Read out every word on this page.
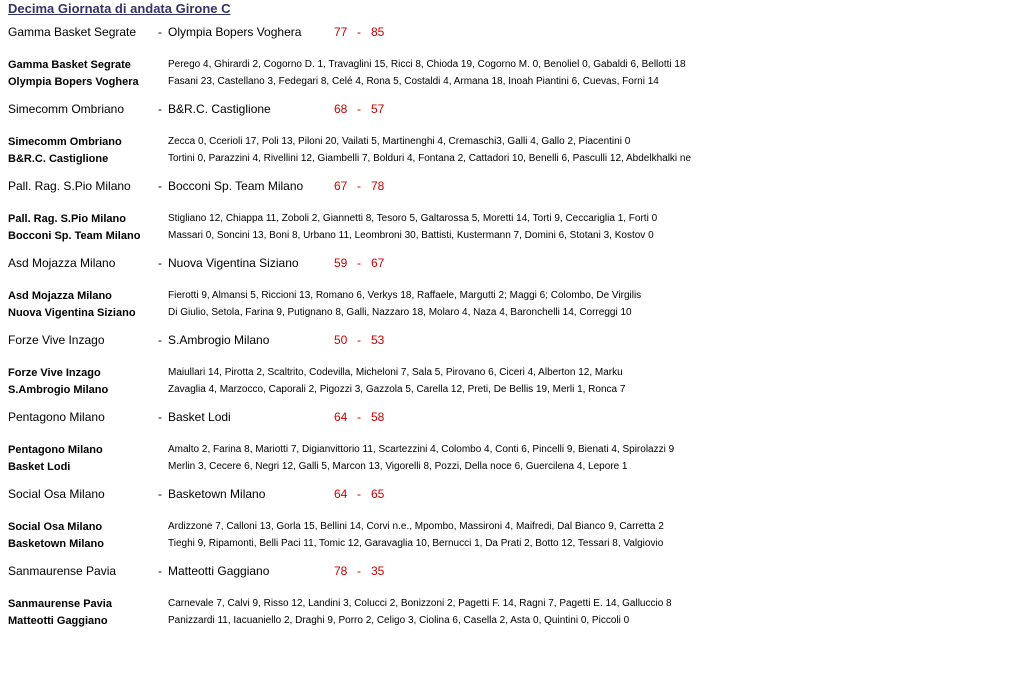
Decima Giornata di andata Girone C
Gamma Basket Segrate - Olympia Bopers Voghera	77 - 85
Gamma Basket Segrate	Perego 4, Ghirardi 2, Cogorno D. 1, Travaglini 15, Ricci 8, Chioda 19, Cogorno M. 0, Benoliel 0, Gabaldi 6, Bellotti 18
Olympia Bopers Voghera	Fasani 23, Castellano 3, Fedegari 8, Celé 4, Rona 5, Costaldi 4, Armana 18, Inoah Piantini 6, Cuevas, Forni 14
Simecomm Ombriano	- B&R.C. Castiglione	68 - 57
Simecomm Ombriano	Zecca 0, Ccerioli 17, Poli 13, Piloni 20, Vailati 5, Martinenghi 4, Cremaschi3, Galli 4, Gallo 2, Piacentini 0
B&R.C. Castiglione	Tortini 0, Parazzini 4, Rivellini 12, Giambelli 7, Bolduri 4, Fontana 2, Cattadori 10, Benelli 6, Pasculli 12, Abdelkhalki ne
Pall. Rag. S.Pio Milano - Bocconi Sp. Team Milano	67 - 78
Pall. Rag. S.Pio Milano	Stigliano 12, Chiappa 11, Zoboli 2, Giannetti 8, Tesoro 5, Galtarossa 5, Moretti 14, Torti 9, Ceccariglia 1, Forti 0
Bocconi Sp. Team Milano	Massari 0, Soncini 13, Boni 8, Urbano 11, Leombroni 30, Battisti, Kustermann 7, Domini 6, Stotani 3, Kostov 0
Asd Mojazza Milano	- Nuova Vigentina Siziano	59 - 67
Asd Mojazza Milano	Fierotti 9, Almansi 5, Riccioni 13, Romano 6, Verkys 18, Raffaele, Margutti 2; Maggi 6; Colombo, De Virgilis
Nuova Vigentina Siziano	Di Giulio, Setola, Farina 9, Putignano 8, Galli, Nazzaro 18, Molaro 4, Naza 4, Baronchelli 14, Correggi 10
Forze Vive Inzago	- S.Ambrogio Milano	50 - 53
Forze Vive Inzago	Maiullari 14, Pirotta 2, Scaltrito, Codevilla, Micheloni 7, Sala 5, Pirovano 6, Ciceri 4, Alberton 12, Marku
S.Ambrogio Milano	Zavaglia 4, Marzocco, Caporali 2, Pigozzi 3, Gazzola 5, Carella 12, Preti, De Bellis 19, Merli 1, Ronca 7
Pentagono Milano	- Basket Lodi	64 - 58
Pentagono Milano	Amalto 2, Farina 8, Mariotti 7, Digianvittorio 11, Scartezzini 4, Colombo 4, Conti 6, Pincelli 9, Bienati 4, Spirolazzi 9
Basket Lodi	Merlin 3, Cecere 6, Negri 12, Galli 5, Marcon 13, Vigorelli 8, Pozzi, Della noce 6, Guercilena 4, Lepore 1
Social Osa Milano	- Basketown Milano	64 - 65
Social Osa Milano	Ardizzone 7, Calloni 13, Gorla 15, Bellini 14, Corvi n.e., Mpombo, Massironi 4, Maifredi, Dal Bianco 9, Carretta 2
Basketown Milano	Tieghi 9, Ripamonti, Belli Paci 11, Tomic 12, Garavaglia 10, Bernucci 1, Da Prati 2, Botto 12, Tessari 8, Valgiovio
Sanmaurense Pavia	- Matteotti Gaggiano	78 - 35
Sanmaurense Pavia	Carnevale 7, Calvi 9, Risso 12, Landini 3, Colucci 2, Bonizzoni 2, Pagetti F. 14, Ragni 7, Pagetti E. 14, Galluccio 8
Matteotti Gaggiano	Panizzardi 11, Iacuaniello 2, Draghi 9, Porro 2, Celigo 3, Ciolina 6, Casella 2, Asta 0, Quintini 0, Piccoli 0
